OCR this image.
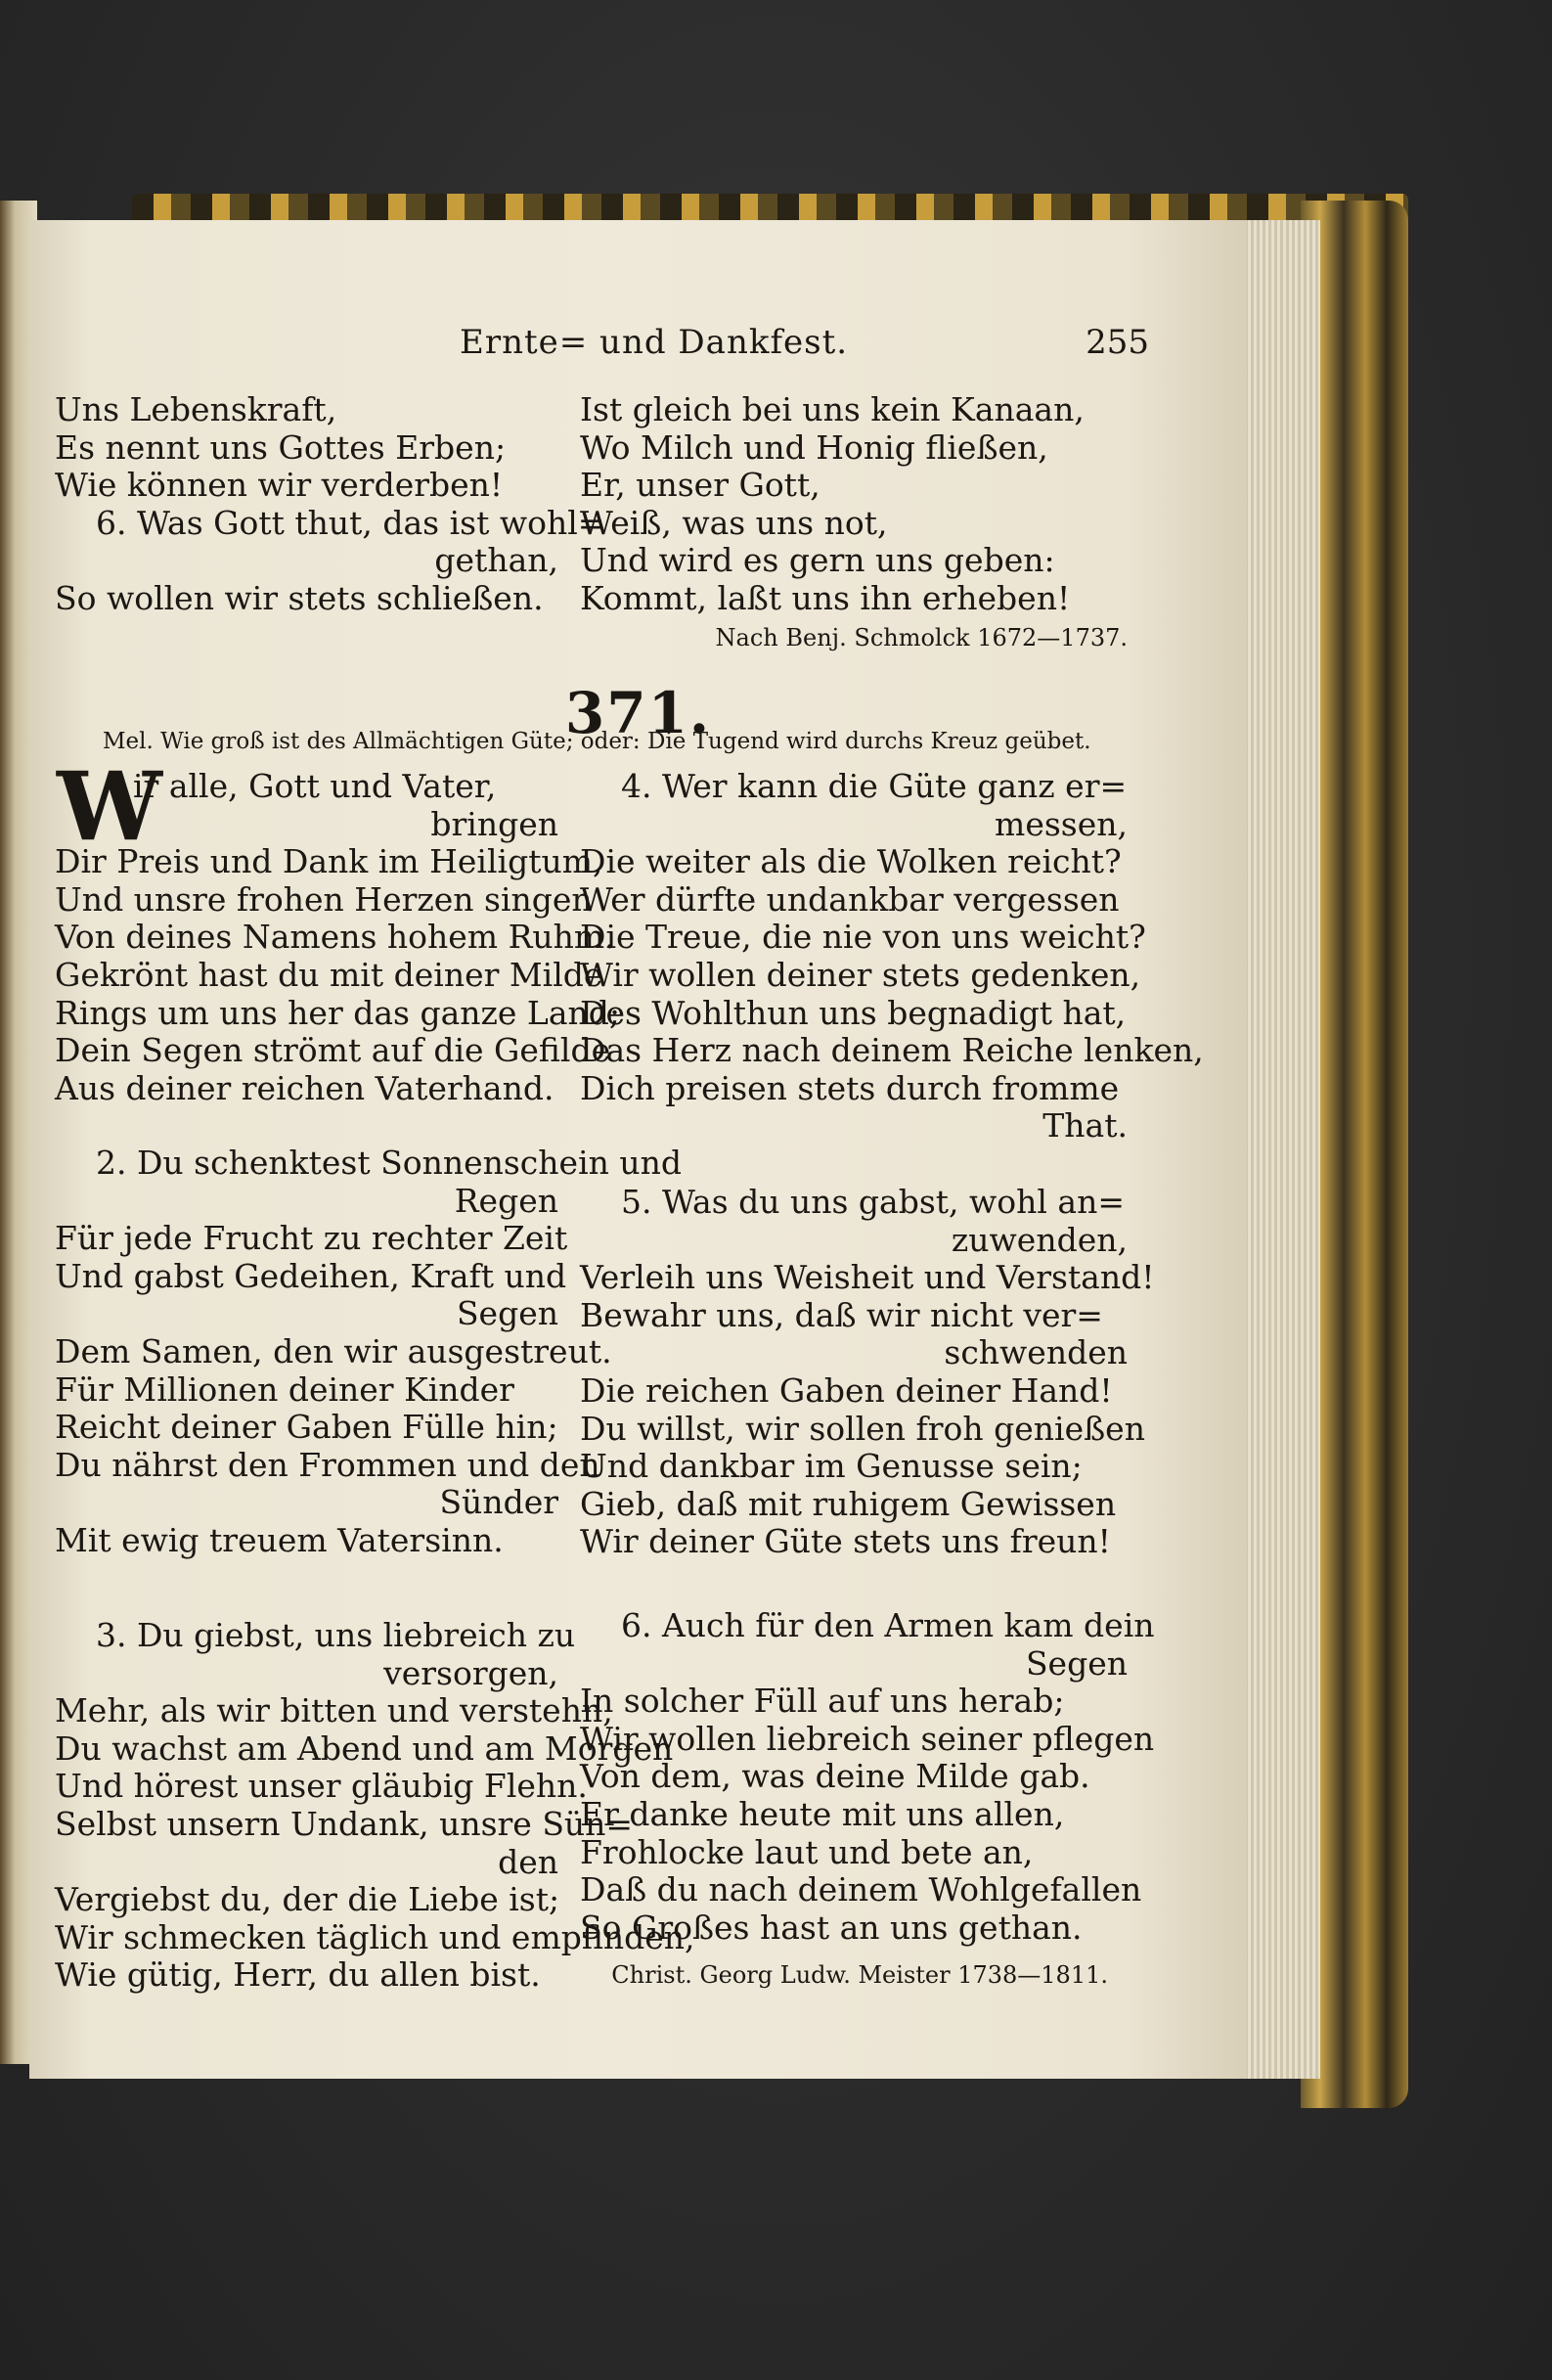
Ernte= und Dankfest.	255
Uns Lebenskraft,
Es nennt uns Gottes Erben;
Wie können wir verderben!
6. Was Gott thut, das ist wohl=
gethan,
So wollen wir stets schließen.
Ist gleich bei uns kein Kanaan,
Wo Milch und Honig fließen,
Er, unser Gott,
Weiß, was uns not,
Und wird es gern uns geben:
Kommt, laßt uns ihn erheben!
Nach Benj. Schmolck 1672—1737.
371.
Mel. Wie groß ist des Allmächtigen Güte; oder: Die Tugend wird durchs Kreuz geübet.
W
ir alle, Gott und Vater,
bringen
Dir Preis und Dank im Heiligtum,
Und unsre frohen Herzen singen
Von deines Namens hohem Ruhm.
Gekrönt hast du mit deiner Milde
Rings um uns her das ganze Land;
Dein Segen strömt auf die Gefilde
Aus deiner reichen Vaterhand.
2. Du schenktest Sonnenschein und
Regen
Für jede Frucht zu rechter Zeit
Und gabst Gedeihen, Kraft und
Segen
Dem Samen, den wir ausgestreut.
Für Millionen deiner Kinder
Reicht deiner Gaben Fülle hin;
Du nährst den Frommen und den
Sünder
Mit ewig treuem Vatersinn.
3. Du giebst, uns liebreich zu
versorgen,
Mehr, als wir bitten und verstehn,
Du wachst am Abend und am Morgen
Und hörest unser gläubig Flehn.
Selbst unsern Undank, unsre Sün=
den
Vergiebst du, der die Liebe ist;
Wir schmecken täglich und empfinden,
Wie gütig, Herr, du allen bist.
4. Wer kann die Güte ganz er=
messen,
Die weiter als die Wolken reicht?
Wer dürfte undankbar vergessen
Die Treue, die nie von uns weicht?
Wir wollen deiner stets gedenken,
Des Wohlthun uns begnadigt hat,
Das Herz nach deinem Reiche lenken,
Dich preisen stets durch fromme
That.
5. Was du uns gabst, wohl an=
zuwenden,
Verleih uns Weisheit und Verstand!
Bewahr uns, daß wir nicht ver=
schwenden
Die reichen Gaben deiner Hand!
Du willst, wir sollen froh genießen
Und dankbar im Genusse sein;
Gieb, daß mit ruhigem Gewissen
Wir deiner Güte stets uns freun!
6. Auch für den Armen kam dein
Segen
In solcher Füll auf uns herab;
Wir wollen liebreich seiner pflegen
Von dem, was deine Milde gab.
Er danke heute mit uns allen,
Frohlocke laut und bete an,
Daß du nach deinem Wohlgefallen
So Großes hast an uns gethan.
Christ. Georg Ludw. Meister 1738—1811.
